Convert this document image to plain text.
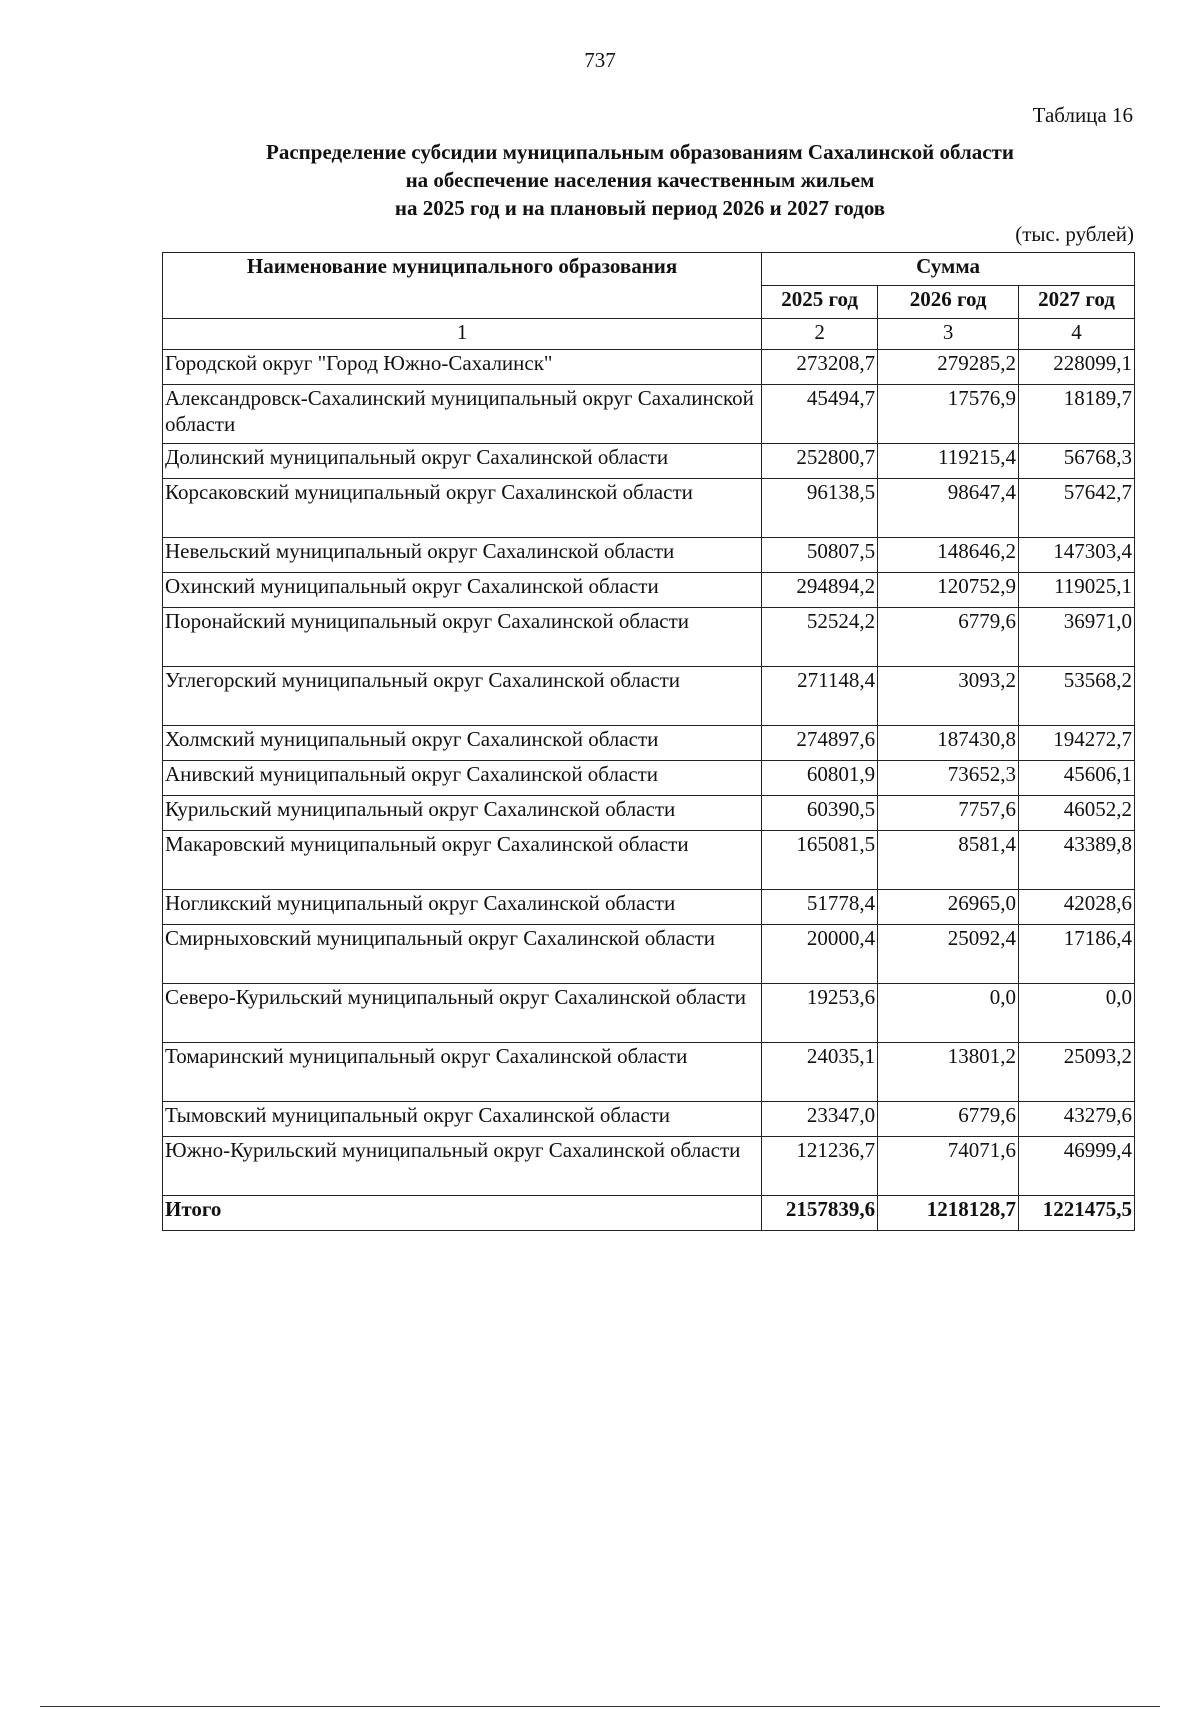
737
Таблица 16
Распределение субсидии муниципальным образованиям Сахалинской области
на обеспечение населения качественным жильем
на 2025 год и на плановый период 2026 и 2027 годов
(тыс. рублей)
Наименование муниципального образования	Сумма		
	2025 год	2026 год	2027 год
1	2	3	4
Городской округ "Город Южно-Сахалинск"	273208,7	279285,2	228099,1
Александровск-Сахалинский муниципальный округ Сахалинской области	45494,7	17576,9	18189,7
Долинский муниципальный округ Сахалинской области	252800,7	119215,4	56768,3
Корсаковский муниципальный округ Сахалинской области	96138,5	98647,4	57642,7
Невельский муниципальный округ Сахалинской области	50807,5	148646,2	147303,4
Охинский муниципальный округ Сахалинской области	294894,2	120752,9	119025,1
Поронайский муниципальный округ Сахалинской области	52524,2	6779,6	36971,0
Углегорский муниципальный округ Сахалинской области	271148,4	3093,2	53568,2
Холмский муниципальный округ Сахалинской области	274897,6	187430,8	194272,7
Анивский муниципальный округ Сахалинской области	60801,9	73652,3	45606,1
Курильский муниципальный округ Сахалинской области	60390,5	7757,6	46052,2
Макаровский муниципальный округ Сахалинской области	165081,5	8581,4	43389,8
Ногликский муниципальный округ Сахалинской области	51778,4	26965,0	42028,6
Смирныховский муниципальный округ Сахалинской области	20000,4	25092,4	17186,4
Северо-Курильский муниципальный округ Сахалинской области	19253,6	0,0	0,0
Томаринский муниципальный округ Сахалинской области	24035,1	13801,2	25093,2
Тымовский муниципальный округ Сахалинской области	23347,0	6779,6	43279,6
Южно-Курильский муниципальный округ Сахалинской области	121236,7	74071,6	46999,4
Итого	2157839,6	1218128,7	1221475,5
